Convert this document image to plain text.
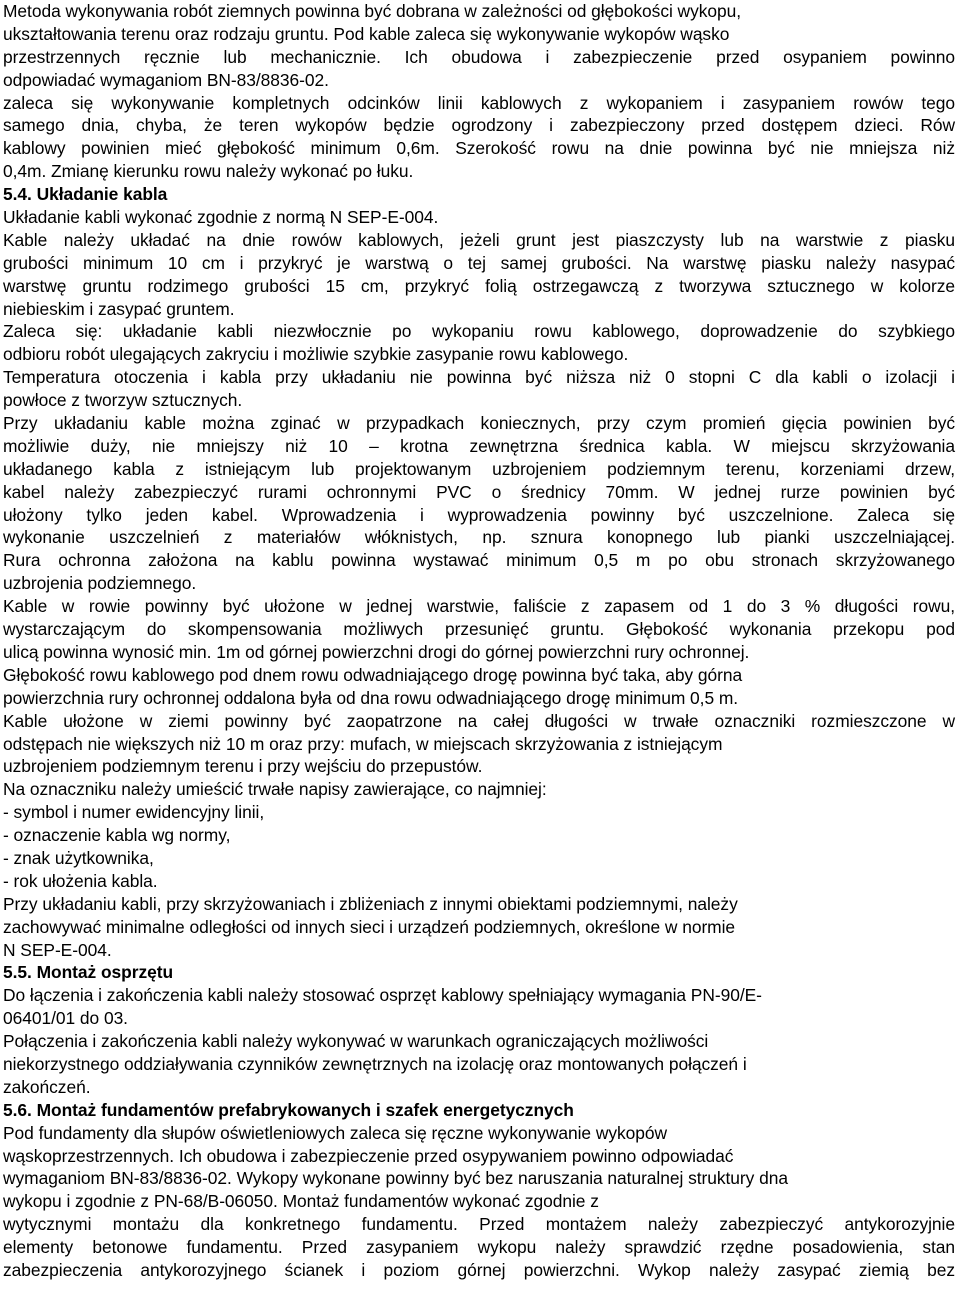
Metoda wykonywania robót ziemnych powinna być dobrana w zależności od głębokości wykopu,
ukształtowania terenu oraz rodzaju gruntu. Pod kable zaleca się wykonywanie wykopów wąsko
przestrzennych ręcznie lub mechanicznie. Ich obudowa i zabezpieczenie przed osypaniem powinno
odpowiadać wymaganiom BN-83/8836-02.
zaleca się wykonywanie kompletnych odcinków linii kablowych z wykopaniem i zasypaniem rowów tego
samego dnia, chyba, że teren wykopów będzie ogrodzony i zabezpieczony przed dostępem dzieci. Rów
kablowy powinien mieć głębokość minimum 0,6m. Szerokość rowu na dnie powinna być nie mniejsza niż
0,4m. Zmianę kierunku rowu należy wykonać po łuku.
5.4. Układanie kabla
Układanie kabli wykonać zgodnie z normą N SEP-E-004.
Kable należy układać na dnie rowów kablowych, jeżeli grunt jest piaszczysty lub na warstwie z piasku
grubości minimum 10 cm i przykryć je warstwą o tej samej grubości. Na warstwę piasku należy nasypać
warstwę gruntu rodzimego grubości 15 cm, przykryć folią ostrzegawczą z tworzywa sztucznego w kolorze
niebieskim i zasypać gruntem.
Zaleca się: układanie kabli niezwłocznie po wykopaniu rowu kablowego, doprowadzenie do szybkiego
odbioru robót ulegających zakryciu i możliwie szybkie zasypanie rowu kablowego.
Temperatura otoczenia i kabla przy układaniu nie powinna być niższa niż 0 stopni C dla kabli o izolacji i
powłoce z tworzyw sztucznych.
Przy układaniu kable można zginać w przypadkach koniecznych, przy czym promień gięcia powinien być
możliwie duży, nie mniejszy niż 10 – krotna zewnętrzna średnica kabla. W miejscu skrzyżowania
układanego kabla z istniejącym lub projektowanym uzbrojeniem podziemnym terenu, korzeniami drzew,
kabel należy zabezpieczyć rurami ochronnymi PVC o średnicy 70mm. W jednej rurze powinien być
ułożony tylko jeden kabel. Wprowadzenia i wyprowadzenia powinny być uszczelnione. Zaleca się
wykonanie uszczelnień z materiałów włóknistych, np. sznura konopnego lub pianki uszczelniającej.
Rura ochronna założona na kablu powinna wystawać minimum 0,5 m po obu stronach skrzyżowanego
uzbrojenia podziemnego.
Kable w rowie powinny być ułożone w jednej warstwie, faliście z zapasem od 1 do 3 % długości rowu,
wystarczającym do skompensowania możliwych przesunięć gruntu. Głębokość wykonania przekopu pod
ulicą powinna wynosić min. 1m od górnej powierzchni drogi do górnej powierzchni rury ochronnej.
Głębokość rowu kablowego pod dnem rowu odwadniającego drogę powinna być taka, aby górna
powierzchnia rury ochronnej oddalona była od dna rowu odwadniającego drogę minimum 0,5 m.
Kable ułożone w ziemi powinny być zaopatrzone na całej długości w trwałe oznaczniki rozmieszczone w
odstępach nie większych niż 10 m oraz przy: mufach, w miejscach skrzyżowania z istniejącym
uzbrojeniem podziemnym terenu i przy wejściu do przepustów.
Na oznaczniku należy umieścić trwałe napisy zawierające, co najmniej:
- symbol i numer ewidencyjny linii,
- oznaczenie kabla wg normy,
- znak użytkownika,
- rok ułożenia kabla.
Przy układaniu kabli, przy skrzyżowaniach i zbliżeniach z innymi obiektami podziemnymi, należy
zachowywać minimalne odległości od innych sieci i urządzeń podziemnych, określone w normie
N SEP-E-004.
5.5. Montaż osprzętu
Do łączenia i zakończenia kabli należy stosować osprzęt kablowy spełniający wymagania PN-90/E-
06401/01 do 03.
Połączenia i zakończenia kabli należy wykonywać w warunkach ograniczających możliwości
niekorzystnego oddziaływania czynników zewnętrznych na izolację oraz montowanych połączeń i
zakończeń.
5.6. Montaż fundamentów prefabrykowanych i szafek energetycznych
Pod fundamenty dla słupów oświetleniowych zaleca się ręczne wykonywanie wykopów
wąskoprzestrzennych. Ich obudowa i zabezpieczenie przed osypywaniem powinno odpowiadać
wymaganiom BN-83/8836-02. Wykopy wykonane powinny być bez naruszania naturalnej struktury dna
wykopu i zgodnie z PN-68/B-06050. Montaż fundamentów wykonać zgodnie z
wytycznymi montażu dla konkretnego fundamentu. Przed montażem należy zabezpieczyć antykorozyjnie
elementy betonowe fundamentu. Przed zasypaniem wykopu należy sprawdzić rzędne posadowienia, stan
zabezpieczenia antykorozyjnego ścianek i poziom górnej powierzchni. Wykop należy zasypać ziemią bez
